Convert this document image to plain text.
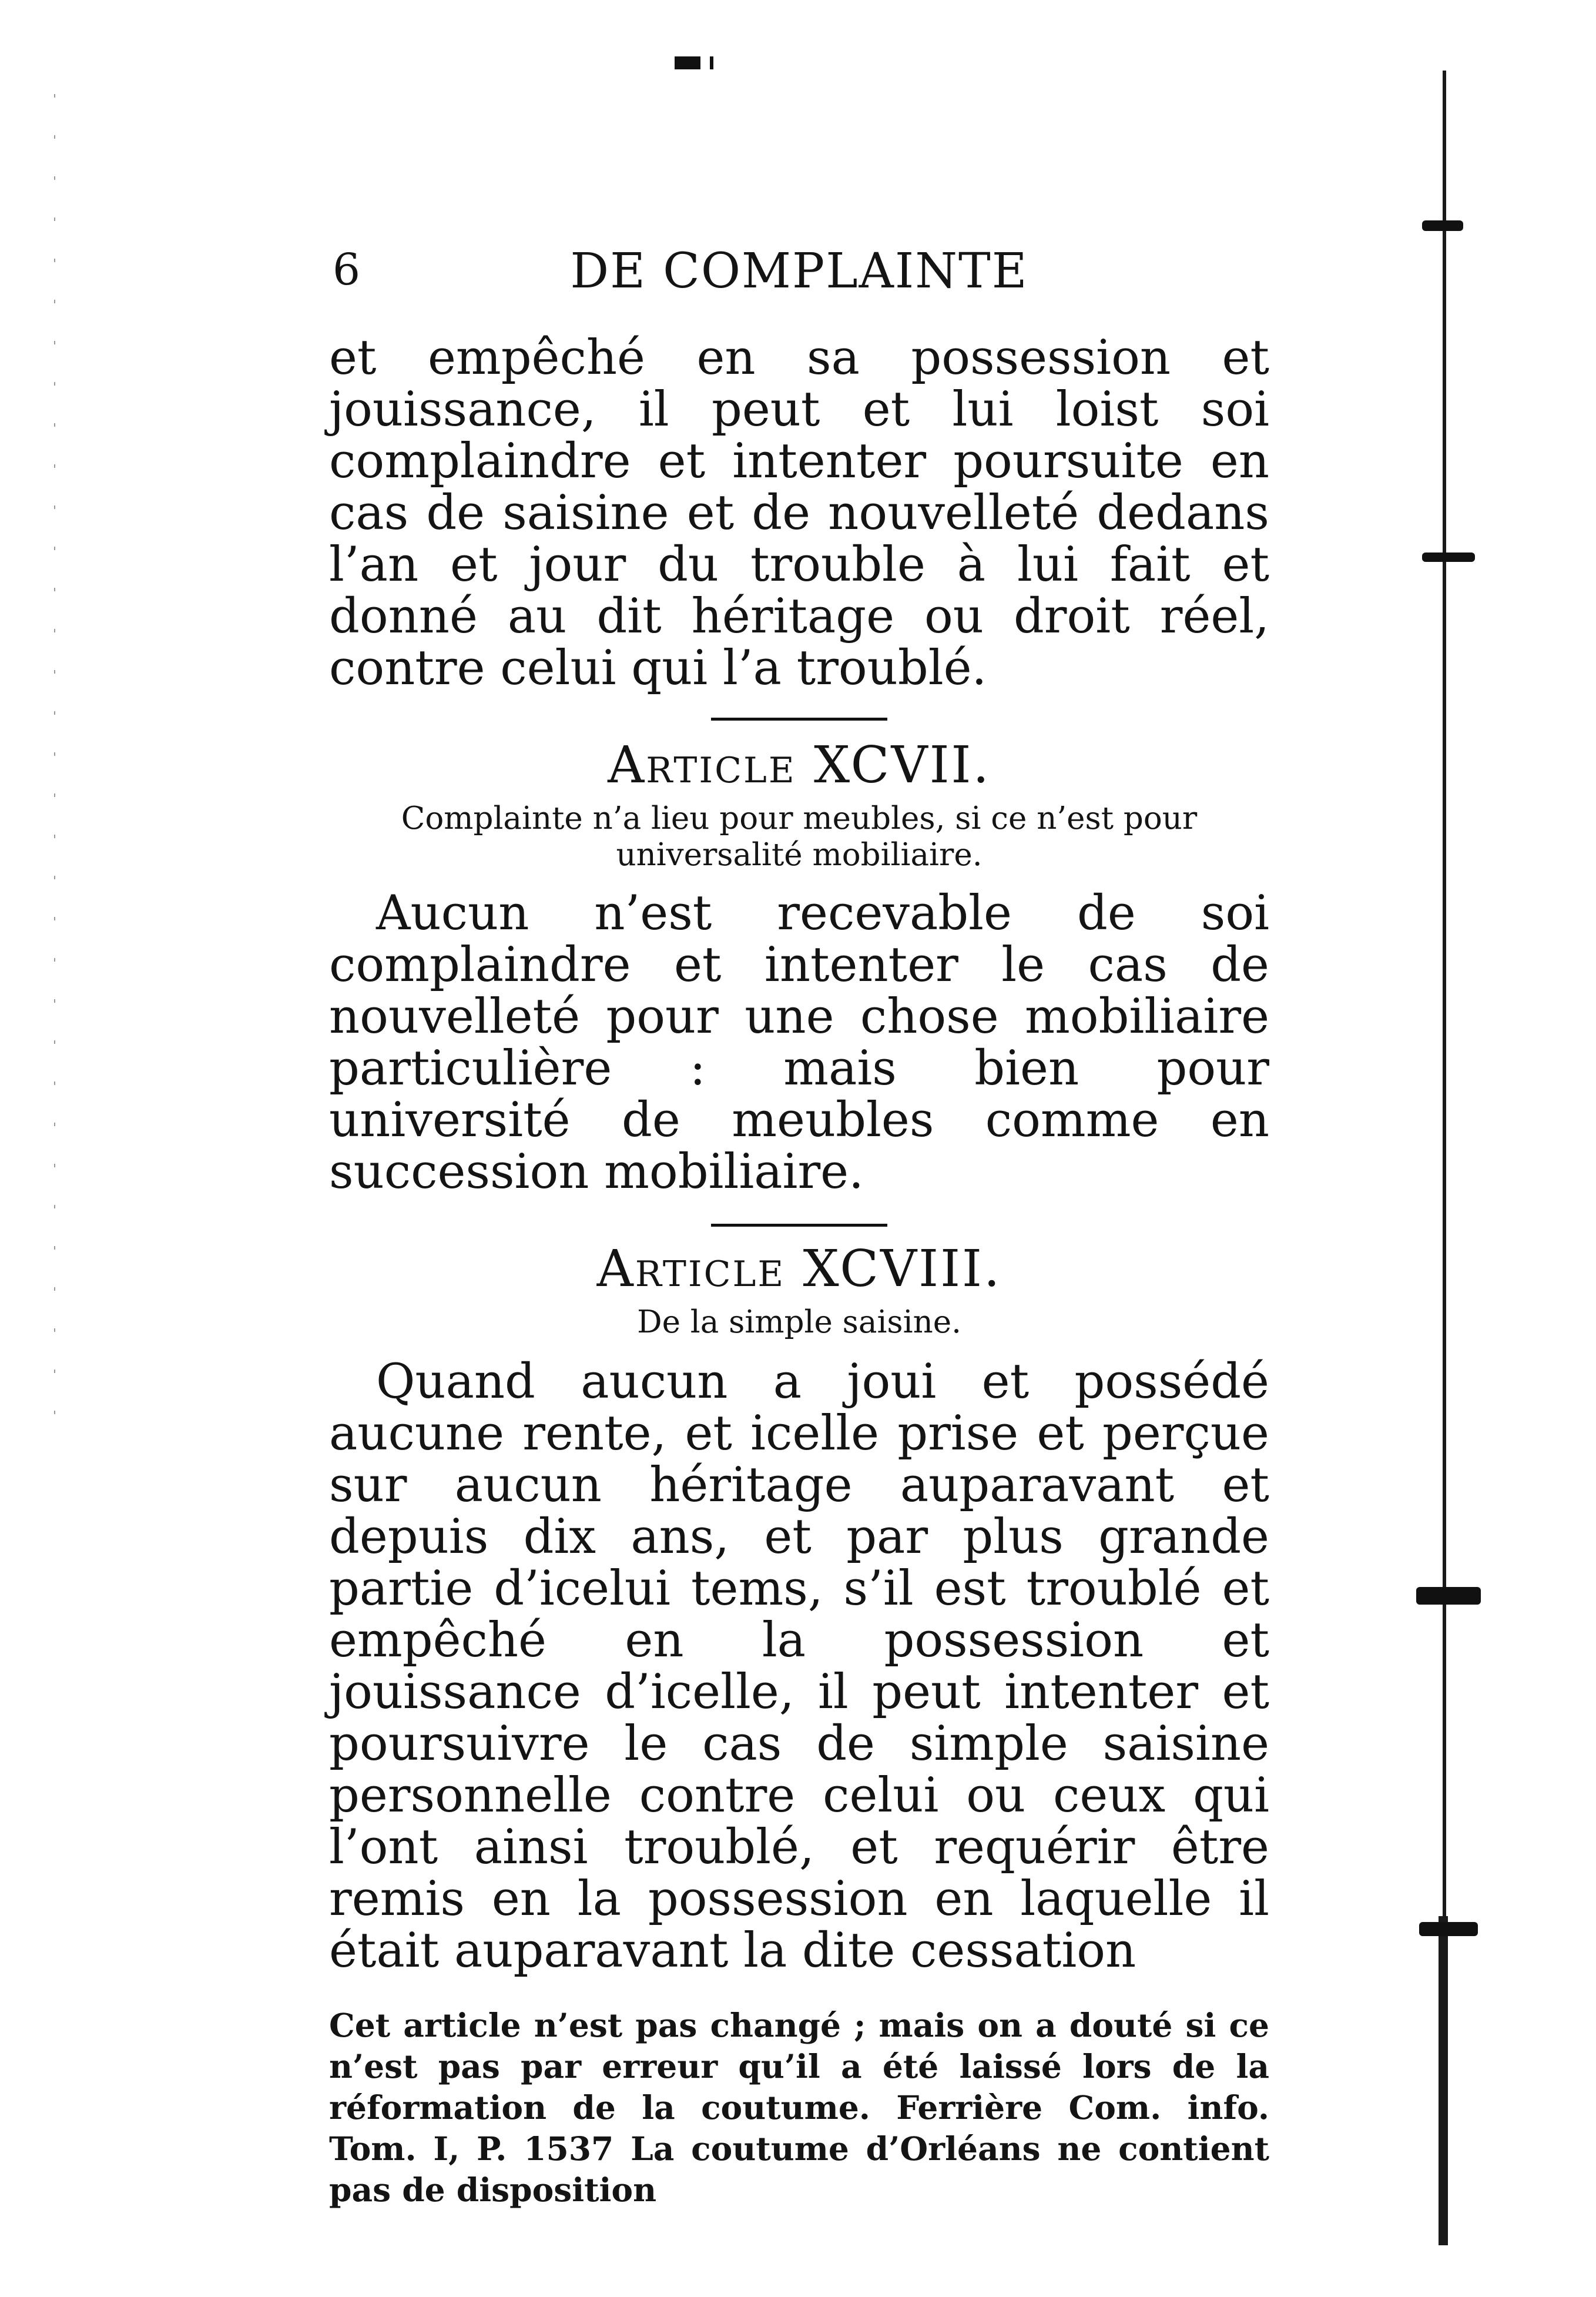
6	DE COMPLAINTE

et empêché en sa possession et jouissance, il peut et lui loist soi complaindre et intenter poursuite en cas de saisine et de nouvelleté dedans l’an et jour du trouble à lui fait et donné au dit héritage ou droit réel, contre celui qui l’a troublé.

Article XCVII.
Complainte n’a lieu pour meubles, si ce n’est pour universalité mobiliaire.

Aucun n’est recevable de soi complaindre et intenter le cas de nouvelleté pour une chose mobiliaire particulière : mais bien pour université de meubles comme en succession mobiliaire.

Article XCVIII.
De la simple saisine.

Quand aucun a joui et possédé aucune rente, et icelle prise et perçue sur aucun héritage auparavant et depuis dix ans, et par plus grande partie d’icelui tems, s’il est troublé et empêché en la possession et jouissance d’icelle, il peut intenter et poursuivre le cas de simple saisine personnelle contre celui ou ceux qui l’ont ainsi troublé, et requérir être remis en la possession en laquelle il était auparavant la dite cessation

Cet article n’est pas changé ; mais on a douté si ce n’est pas par erreur qu’il a été laissé lors de la réformation de la coutume. Ferrière Com. info. Tom. I, P. 1537 La coutume d’Orléans ne contient pas de disposition
